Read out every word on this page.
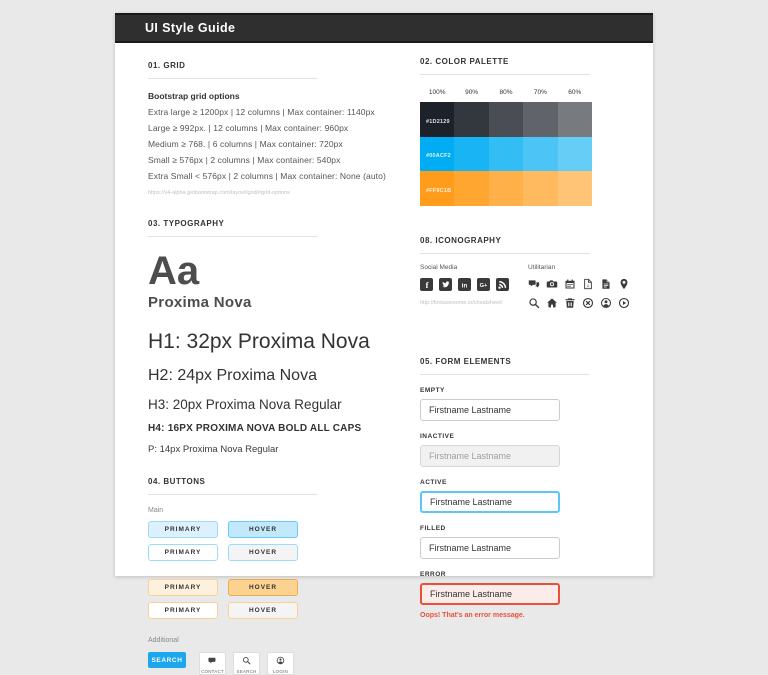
UI Style Guide
01. GRID
Bootstrap grid options
Extra large ≥ 1200px | 12 columns | Max container: 1140px
Large ≥ 992px. | 12 columns | Max container: 960px
Medium ≥ 768. | 6 columns | Max container: 720px
Small ≥ 576px | 2 columns | Max container: 540px
Extra Small < 576px | 2 columns | Max container: None (auto)
https://v4-alpha.getbootstrap.com/layout/grid/#grid-options
03. TYPOGRAPHY
Aa
Proxima Nova
H1: 32px Proxima Nova
H2: 24px Proxima Nova
H3: 20px Proxima Nova Regular
H4: 16PX PROXIMA NOVA BOLD ALL CAPS
P: 14px Proxima Nova Regular
04. BUTTONS
Main
PRIMARY	HOVER
PRIMARY	HOVER
PRIMARY	HOVER
PRIMARY	HOVER
Additional
SEARCH
CONTACT	SEARCH	LOGIN
02. COLOR PALETTE
100%	90%	80%	70%	60%
#1D2129
#00ACF2
#FF9C1B
08. ICONOGRAPHY
Social Media
f	in G+
http://fontawesome.io/cheatsheet/
Utilitarian
A
05. FORM ELEMENTS
EMPTY
Firstname Lastname
INACTIVE
Firstname Lastname
ACTIVE
Firstname Lastname
FILLED
Firstname Lastname
ERROR
Firstname Lastname
Oops! That's an error message.
